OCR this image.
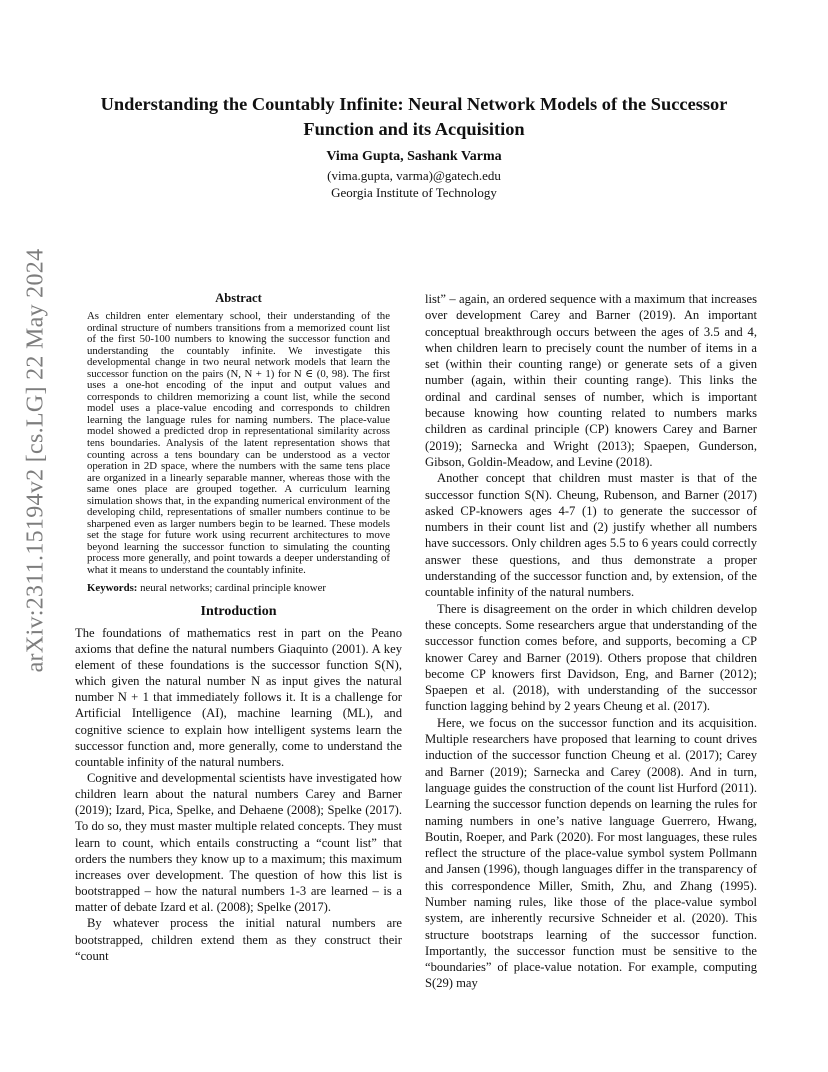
arXiv:2311.15194v2 [cs.LG] 22 May 2024
Understanding the Countably Infinite: Neural Network Models of the Successor Function and its Acquisition
Vima Gupta, Sashank Varma
(vima.gupta, varma)@gatech.edu
Georgia Institute of Technology
Abstract

As children enter elementary school, their understanding of the ordinal structure of numbers transitions from a memorized count list of the first 50-100 numbers to knowing the successor function and understanding the countably infinite. We investigate this developmental change in two neural network models that learn the successor function on the pairs (N, N + 1) for N ∈ (0, 98). The first uses a one-hot encoding of the input and output values and corresponds to children memorizing a count list, while the second model uses a place-value encoding and corresponds to children learning the language rules for naming numbers. The place-value model showed a predicted drop in representational similarity across tens boundaries. Analysis of the latent representation shows that counting across a tens boundary can be understood as a vector operation in 2D space, where the numbers with the same tens place are organized in a linearly separable manner, whereas those with the same ones place are grouped together. A curriculum learning simulation shows that, in the expanding numerical environment of the developing child, representations of smaller numbers continue to be sharpened even as larger numbers begin to be learned. These models set the stage for future work using recurrent architectures to move beyond learning the successor function to simulating the counting process more generally, and point towards a deeper understanding of what it means to understand the countably infinite.

Keywords: neural networks; cardinal principle knower

Introduction

The foundations of mathematics rest in part on the Peano axioms that define the natural numbers Giaquinto (2001). A key element of these foundations is the successor function S(N), which given the natural number N as input gives the natural number N + 1 that immediately follows it. It is a challenge for Artificial Intelligence (AI), machine learning (ML), and cognitive science to explain how intelligent systems learn the successor function and, more generally, come to understand the countable infinity of the natural numbers.

Cognitive and developmental scientists have investigated how children learn about the natural numbers Carey and Barner (2019); Izard, Pica, Spelke, and Dehaene (2008); Spelke (2017). To do so, they must master multiple related concepts. They must learn to count, which entails constructing a “count list” that orders the numbers they know up to a maximum; this maximum increases over development. The question of how this list is bootstrapped – how the natural numbers 1-3 are learned – is a matter of debate Izard et al. (2008); Spelke (2017).

By whatever process the initial natural numbers are bootstrapped, children extend them as they construct their “count

list” – again, an ordered sequence with a maximum that increases over development Carey and Barner (2019). An important conceptual breakthrough occurs between the ages of 3.5 and 4, when children learn to precisely count the number of items in a set (within their counting range) or generate sets of a given number (again, within their counting range). This links the ordinal and cardinal senses of number, which is important because knowing how counting related to numbers marks children as cardinal principle (CP) knowers Carey and Barner (2019); Sarnecka and Wright (2013); Spaepen, Gunderson, Gibson, Goldin-Meadow, and Levine (2018).

Another concept that children must master is that of the successor function S(N). Cheung, Rubenson, and Barner (2017) asked CP-knowers ages 4-7 (1) to generate the successor of numbers in their count list and (2) justify whether all numbers have successors. Only children ages 5.5 to 6 years could correctly answer these questions, and thus demonstrate a proper understanding of the successor function and, by extension, of the countable infinity of the natural numbers.

There is disagreement on the order in which children develop these concepts. Some researchers argue that understanding of the successor function comes before, and supports, becoming a CP knower Carey and Barner (2019). Others propose that children become CP knowers first Davidson, Eng, and Barner (2012); Spaepen et al. (2018), with understanding of the successor function lagging behind by 2 years Cheung et al. (2017).

Here, we focus on the successor function and its acquisition. Multiple researchers have proposed that learning to count drives induction of the successor function Cheung et al. (2017); Carey and Barner (2019); Sarnecka and Carey (2008). And in turn, language guides the construction of the count list Hurford (2011). Learning the successor function depends on learning the rules for naming numbers in one’s native language Guerrero, Hwang, Boutin, Roeper, and Park (2020). For most languages, these rules reflect the structure of the place-value symbol system Pollmann and Jansen (1996), though languages differ in the transparency of this correspondence Miller, Smith, Zhu, and Zhang (1995). Number naming rules, like those of the place-value symbol system, are inherently recursive Schneider et al. (2020). This structure bootstraps learning of the successor function. Importantly, the successor function must be sensitive to the “boundaries” of place-value notation. For example, computing S(29) may
